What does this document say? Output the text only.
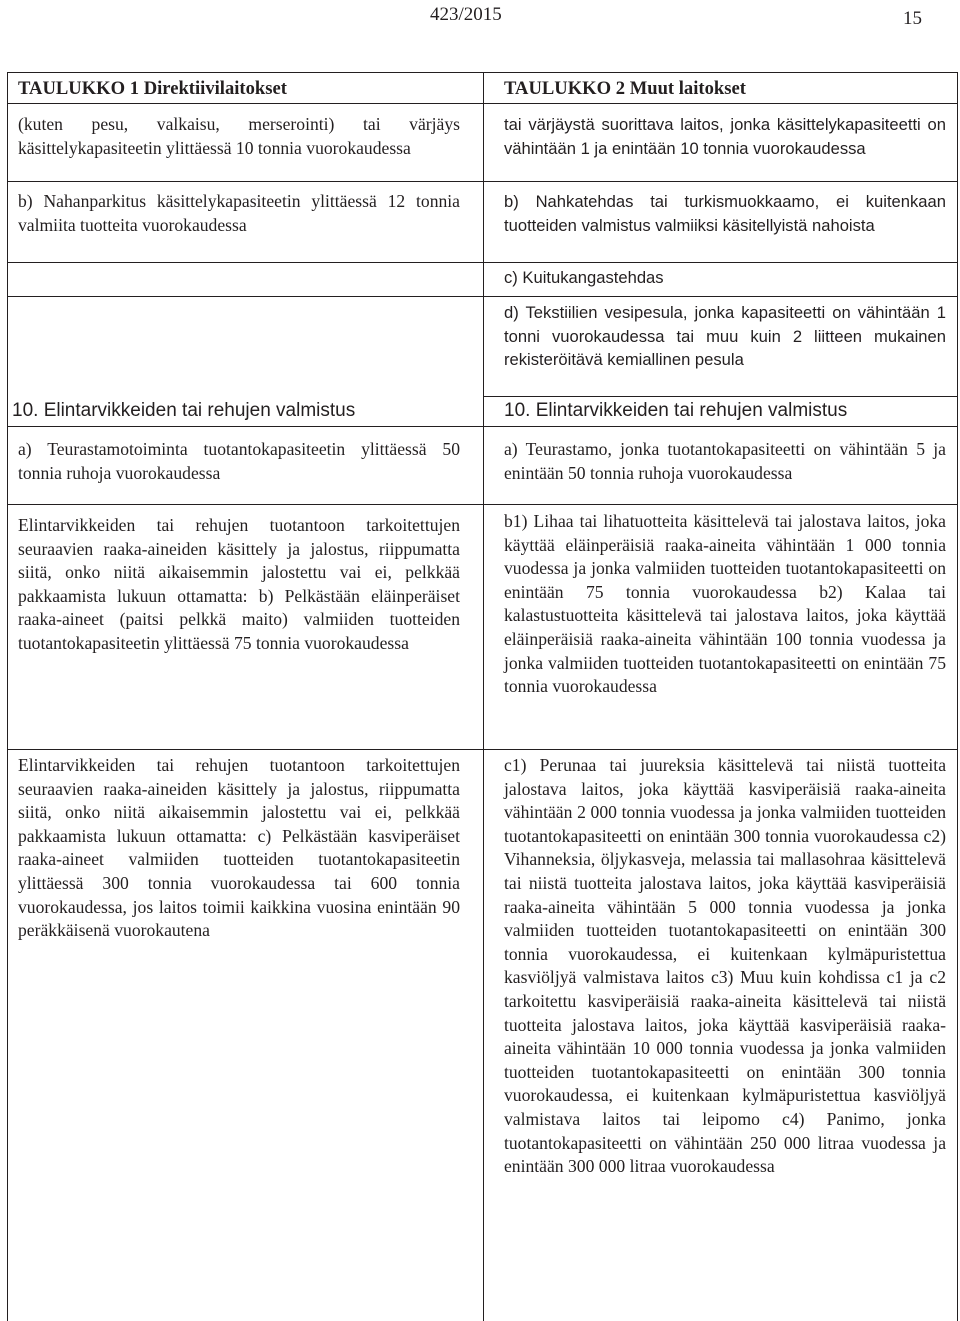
423/2015	15
TAULUKKO 1 Direktiivilaitokset

(kuten pesu, valkaisu, merserointi) tai värjäys käsittelykapasiteetin ylittäessä 10 tonnia vuorokaudessa

b) Nahanparkitus käsittelykapasiteetin ylittäessä 12 tonnia valmiita tuotteita vuorokaudessa

10. Elintarvikkeiden tai rehujen valmistus

a) Teurastamotoiminta tuotantokapasiteetin ylittäessä 50 tonnia ruhoja vuorokaudessa

Elintarvikkeiden tai rehujen tuotantoon tarkoitettujen seuraavien raaka-aineiden käsittely ja jalostus, riippumatta siitä, onko niitä aikaisemmin jalostettu vai ei, pelkkää pakkaamista lukuun ottamatta: b) Pelkästään eläinperäiset raaka-aineet (paitsi pelkkä maito) valmiiden tuotteiden tuotantokapasiteetin ylittäessä 75 tonnia vuorokaudessa

Elintarvikkeiden tai rehujen tuotantoon tarkoitettujen seuraavien raaka-aineiden käsittely ja jalostus, riippumatta siitä, onko niitä aikaisemmin jalostettu vai ei, pelkkää pakkaamista lukuun ottamatta: c) Pelkästään kasviperäiset raaka-aineet valmiiden tuotteiden tuotantokapasiteetin ylittäessä 300 tonnia vuorokaudessa tai 600 tonnia vuorokaudessa, jos laitos toimii kaikkina vuosina enintään 90 peräkkäisenä vuorokautena

TAULUKKO 2 Muut laitokset

tai värjäystä suorittava laitos, jonka käsittelykapasiteetti on vähintään 1 ja enintään 10 tonnia vuorokaudessa

b) Nahkatehdas tai turkismuokkaamo, ei kuitenkaan tuotteiden valmistus valmiiksi käsitellyistä nahoista

c) Kuitukangastehdas

d) Tekstiilien vesipesula, jonka kapasiteetti on vähintään 1 tonni vuorokaudessa tai muu kuin 2 liitteen mukainen rekisteröitävä kemiallinen pesula

10. Elintarvikkeiden tai rehujen valmistus

a) Teurastamo, jonka tuotantokapasiteetti on vähintään 5 ja enintään 50 tonnia ruhoja vuorokaudessa

b1) Lihaa tai lihatuotteita käsittelevä tai jalostava laitos, joka käyttää eläinperäisiä raaka-aineita vähintään 1 000 tonnia vuodessa ja jonka valmiiden tuotteiden tuotantokapasiteetti on enintään 75 tonnia vuorokaudessa b2) Kalaa tai kalastustuotteita käsittelevä tai jalostava laitos, joka käyttää eläinperäisiä raaka-aineita vähintään 100 tonnia vuodessa ja jonka valmiiden tuotteiden tuotantokapasiteetti on enintään 75 tonnia vuorokaudessa

c1) Perunaa tai juureksia käsittelevä tai niistä tuotteita jalostava laitos, joka käyttää kasviperäisiä raaka-aineita vähintään 2 000 tonnia vuodessa ja jonka valmiiden tuotteiden tuotantokapasiteetti on enintään 300 tonnia vuorokaudessa c2) Vihanneksia, öljykasveja, melassia tai mallasohraa käsittelevä tai niistä tuotteita jalostava laitos, joka käyttää kasviperäisiä raaka-aineita vähintään 5 000 tonnia vuodessa ja jonka valmiiden tuotteiden tuotantokapasiteetti on enintään 300 tonnia vuorokaudessa, ei kuitenkaan kylmäpuristettua kasviöljyä valmistava laitos c3) Muu kuin kohdissa c1 ja c2 tarkoitettu kasviperäisiä raaka-aineita käsittelevä tai niistä tuotteita jalostava laitos, joka käyttää kasviperäisiä raaka-aineita vähintään 10 000 tonnia vuodessa ja jonka valmiiden tuotteiden tuotantokapasiteetti on enintään 300 tonnia vuorokaudessa, ei kuitenkaan kylmäpuristettua kasviöljyä valmistava laitos tai leipomo c4) Panimo, jonka tuotantokapasiteetti on vähintään 250 000 litraa vuodessa ja enintään 300 000 litraa vuorokaudessa
